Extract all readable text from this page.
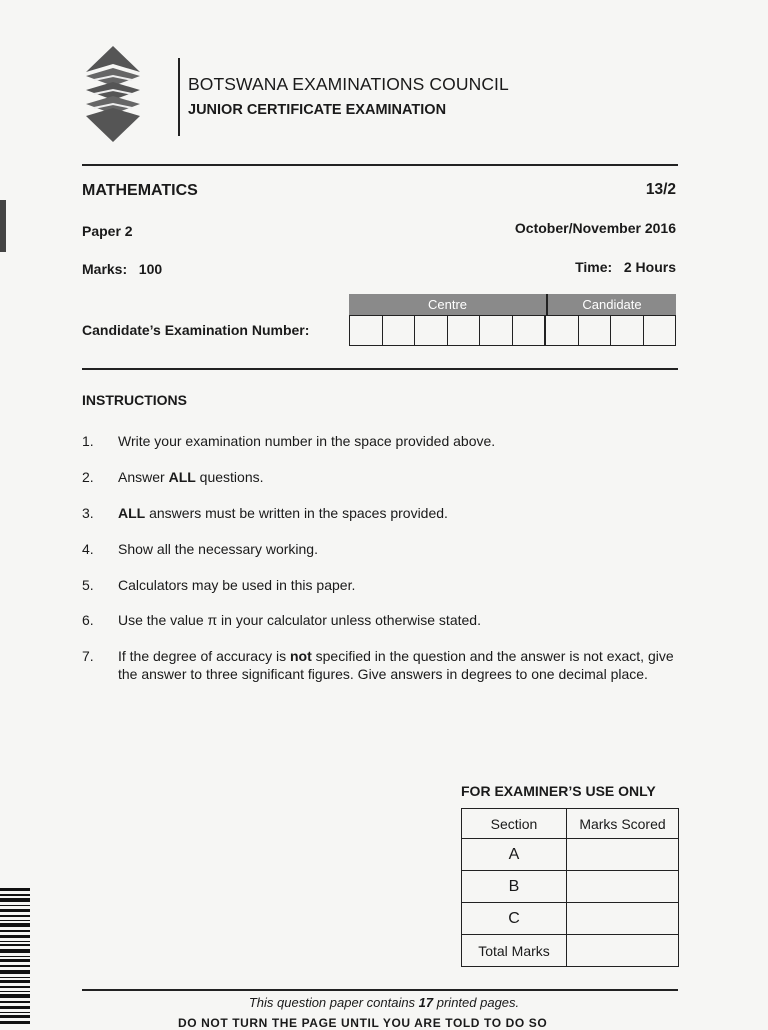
BOTSWANA EXAMINATIONS COUNCIL
JUNIOR CERTIFICATE EXAMINATION
MATHEMATICS	13/2
Paper 2	October/November 2016
Marks:   100	Time:   2 Hours
Candidate’s Examination Number:
Centre	Candidate
INSTRUCTIONS
1.	Write your examination number in the space provided above.
2.	Answer ALL questions.
3.	ALL answers must be written in the spaces provided.
4.	Show all the necessary working.
5.	Calculators may be used in this paper.
6.	Use the value π in your calculator unless otherwise stated.
7.	If the degree of accuracy is not specified in the question and the answer is not exact, give the answer to three significant figures. Give answers in degrees to one decimal place.
FOR EXAMINER’S USE ONLY
Section	Marks Scored
A	
B	
C	
Total Marks	
This question paper contains 17 printed pages.
DO NOT TURN THE PAGE UNTIL YOU ARE TOLD TO DO SO
